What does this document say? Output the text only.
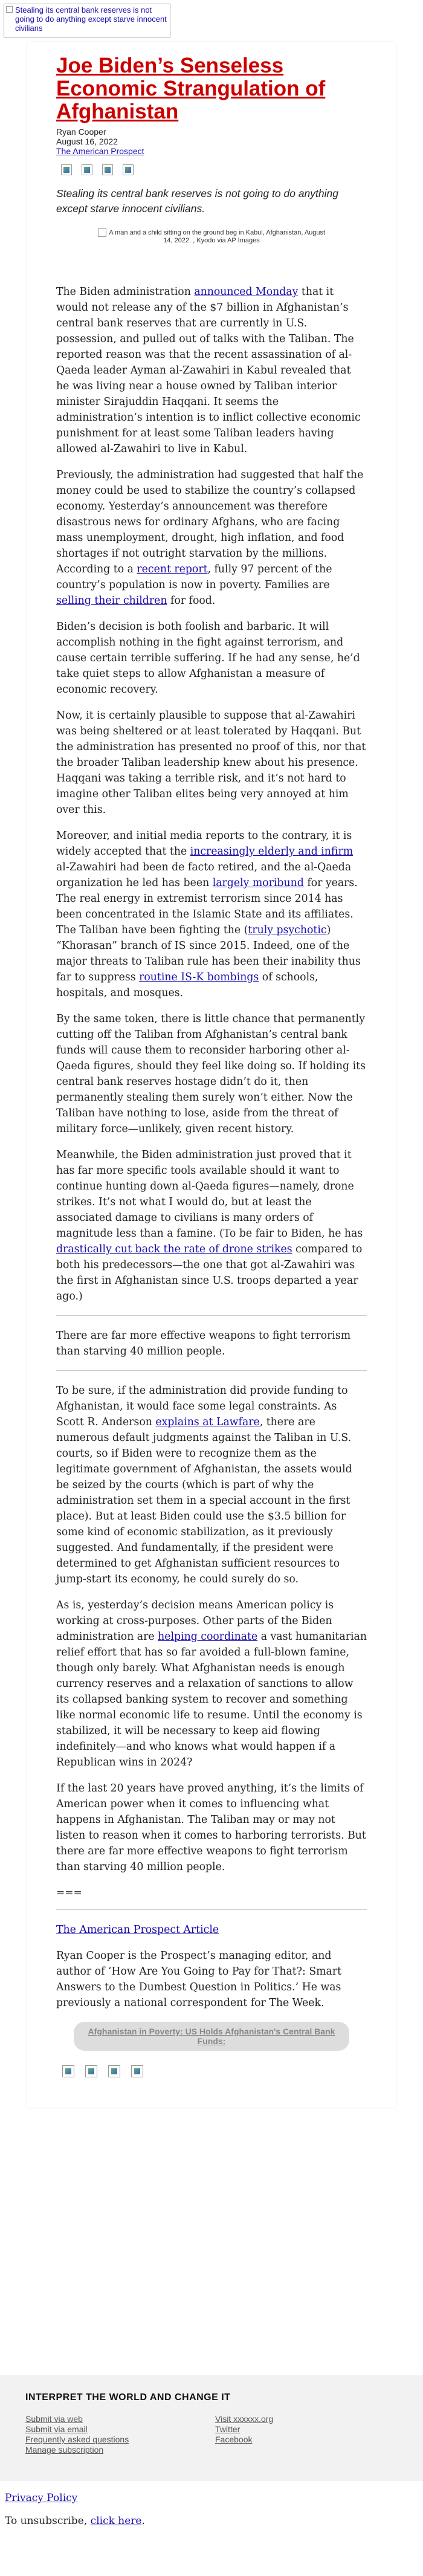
Stealing its central bank reserves is not going to do anything except starve innocent civilians
Joe Biden’s Senseless Economic Strangulation of Afghanistan
Ryan Cooper
August 16, 2022
The American Prospect

Stealing its central bank reserves is not going to do anything except starve innocent civilians.

A man and a child sitting on the ground beg in Kabul, Afghanistan, August 14, 2022. , Kyodo via AP Images

The Biden administration announced Monday that it would not release any of the $7 billion in Afghanistan’s central bank reserves that are currently in U.S. possession, and pulled out of talks with the Taliban. The reported reason was that the recent assassination of al-Qaeda leader Ayman al-Zawahiri in Kabul revealed that he was living near a house owned by Taliban interior minister Sirajuddin Haqqani. It seems the administration’s intention is to inflict collective economic punishment for at least some Taliban leaders having allowed al-Zawahiri to live in Kabul.

Previously, the administration had suggested that half the money could be used to stabilize the country’s collapsed economy. Yesterday’s announcement was therefore disastrous news for ordinary Afghans, who are facing mass unemployment, drought, high inflation, and food shortages if not outright starvation by the millions. According to a recent report, fully 97 percent of the country’s population is now in poverty. Families are selling their children for food.

Biden’s decision is both foolish and barbaric. It will accomplish nothing in the fight against terrorism, and cause certain terrible suffering. If he had any sense, he’d take quiet steps to allow Afghanistan a measure of economic recovery.

Now, it is certainly plausible to suppose that al-Zawahiri was being sheltered or at least tolerated by Haqqani. But the administration has presented no proof of this, nor that the broader Taliban leadership knew about his presence. Haqqani was taking a terrible risk, and it’s not hard to imagine other Taliban elites being very annoyed at him over this.

Moreover, and initial media reports to the contrary, it is widely accepted that the increasingly elderly and infirm al-Zawahiri had been de facto retired, and the al-Qaeda organization he led has been largely moribund for years. The real energy in extremist terrorism since 2014 has been concentrated in the Islamic State and its affiliates. The Taliban have been fighting the (truly psychotic) “Khorasan” branch of IS since 2015. Indeed, one of the major threats to Taliban rule has been their inability thus far to suppress routine IS-K bombings of schools, hospitals, and mosques.

By the same token, there is little chance that permanently cutting off the Taliban from Afghanistan’s central bank funds will cause them to reconsider harboring other al-Qaeda figures, should they feel like doing so. If holding its central bank reserves hostage didn’t do it, then permanently stealing them surely won’t either. Now the Taliban have nothing to lose, aside from the threat of military force—unlikely, given recent history.

Meanwhile, the Biden administration just proved that it has far more specific tools available should it want to continue hunting down al-Qaeda figures—namely, drone strikes. It’s not what I would do, but at least the associated damage to civilians is many orders of magnitude less than a famine. (To be fair to Biden, he has drastically cut back the rate of drone strikes compared to both his predecessors—the one that got al-Zawahiri was the first in Afghanistan since U.S. troops departed a year ago.)

There are far more effective weapons to fight terrorism than starving 40 million people.

To be sure, if the administration did provide funding to Afghanistan, it would face some legal constraints. As Scott R. Anderson explains at Lawfare, there are numerous default judgments against the Taliban in U.S. courts, so if Biden were to recognize them as the legitimate government of Afghanistan, the assets would be seized by the courts (which is part of why the administration set them in a special account in the first place). But at least Biden could use the $3.5 billion for some kind of economic stabilization, as it previously suggested. And fundamentally, if the president were determined to get Afghanistan sufficient resources to jump-start its economy, he could surely do so.

As is, yesterday’s decision means American policy is working at cross-purposes. Other parts of the Biden administration are helping coordinate a vast humanitarian relief effort that has so far avoided a full-blown famine, though only barely. What Afghanistan needs is enough currency reserves and a relaxation of sanctions to allow its collapsed banking system to recover and something like normal economic life to resume. Until the economy is stabilized, it will be necessary to keep aid flowing indefinitely—and who knows what would happen if a Republican wins in 2024?

If the last 20 years have proved anything, it’s the limits of American power when it comes to influencing what happens in Afghanistan. The Taliban may or may not listen to reason when it comes to harboring terrorists. But there are far more effective weapons to fight terrorism than starving 40 million people.

===

The American Prospect Article

Ryan Cooper is the Prospect’s managing editor, and author of ‘How Are You Going to Pay for That?: Smart Answers to the Dumbest Question in Politics.’ He was previously a national correspondent for The Week.

Afghanistan in Poverty: US Holds Afghanistan's Central Bank Funds:
INTERPRET THE WORLD AND CHANGE IT
Submit via web
Submit via email
Frequently asked questions
Manage subscription
Visit xxxxxx.org
Twitter
Facebook

Privacy Policy

To unsubscribe, click here.
